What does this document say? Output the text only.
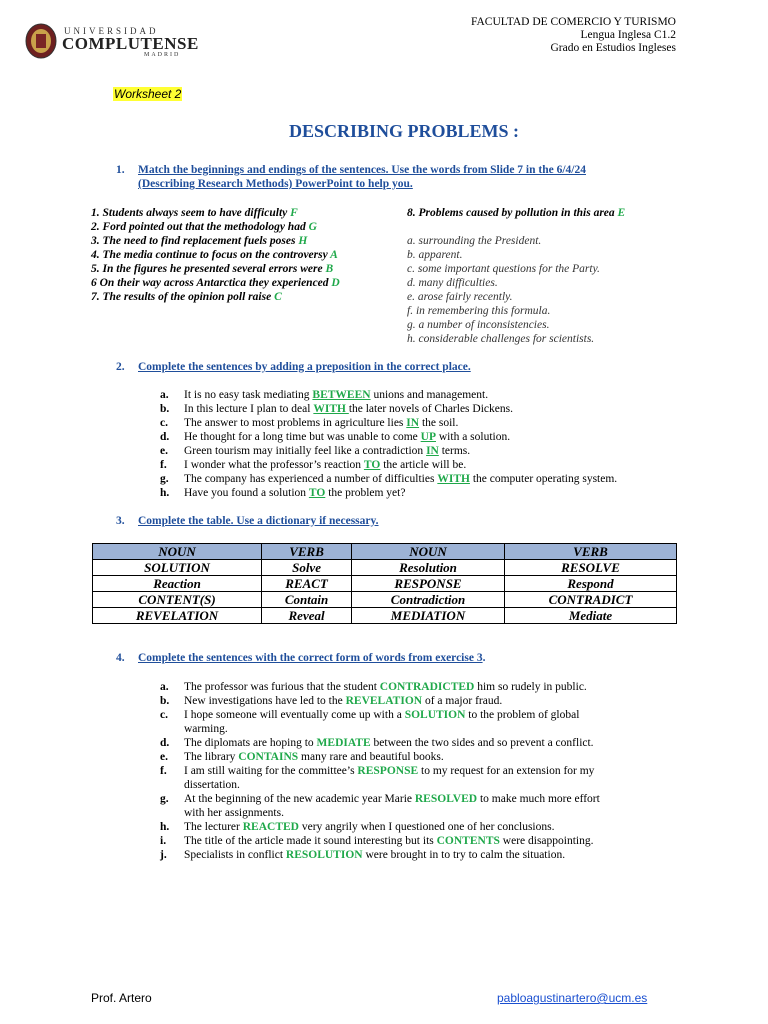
UNIVERSIDAD
COMPLUTENSE
MADRID
FACULTAD DE COMERCIO Y TURISMO
Lengua Inglesa C1.2
Grado en Estudios Ingleses
Worksheet 2
DESCRIBING PROBLEMS :
1. Match the beginnings and endings of the sentences. Use the words from Slide 7 in the 6/4/24
(Describing Research Methods) PowerPoint to help you.
1. Students always seem to have difficulty F
2. Ford pointed out that the methodology had G
3. The need to find replacement fuels poses H
4. The media continue to focus on the controversy A
5. In the figures he presented several errors were B
6 On their way across Antarctica they experienced D
7. The results of the opinion poll raise C
8. Problems caused by pollution in this area E
a. surrounding the President.
b. apparent.
c. some important questions for the Party.
d. many difficulties.
e. arose fairly recently.
f. in remembering this formula.
g. a number of inconsistencies.
h. considerable challenges for scientists.
2. Complete the sentences by adding a preposition in the correct place.
a. It is no easy task mediating BETWEEN unions and management.
b. In this lecture I plan to deal WITH the later novels of Charles Dickens.
c. The answer to most problems in agriculture lies IN the soil.
d. He thought for a long time but was unable to come UP with a solution.
e. Green tourism may initially feel like a contradiction IN terms.
f. I wonder what the professor’s reaction TO the article will be.
g. The company has experienced a number of difficulties WITH the computer operating system.
h. Have you found a solution TO the problem yet?
3. Complete the table. Use a dictionary if necessary.
NOUN	VERB	NOUN	VERB
SOLUTION	Solve	Resolution	RESOLVE
Reaction	REACT	RESPONSE	Respond
CONTENT(S)	Contain	Contradiction	CONTRADICT
REVELATION	Reveal	MEDIATION	Mediate
4. Complete the sentences with the correct form of words from exercise 3.
a. The professor was furious that the student CONTRADICTED him so rudely in public.
b. New investigations have led to the REVELATION of a major fraud.
c. I hope someone will eventually come up with a SOLUTION to the problem of global
warming.
d. The diplomats are hoping to MEDIATE between the two sides and so prevent a conflict.
e. The library CONTAINS many rare and beautiful books.
f. I am still waiting for the committee’s RESPONSE to my request for an extension for my
dissertation.
g. At the beginning of the new academic year Marie RESOLVED to make much more effort
with her assignments.
h. The lecturer REACTED very angrily when I questioned one of her conclusions.
i. The title of the article made it sound interesting but its CONTENTS were disappointing.
j. Specialists in conflict RESOLUTION were brought in to try to calm the situation.
Prof. Artero	pabloagustinartero@ucm.es
